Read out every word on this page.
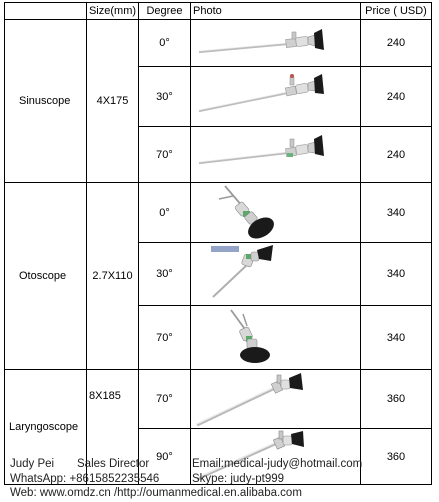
	Size(mm)	Degree	Photo	Price ( USD)
Sinuscope	4X175	0°		240
		30°		240
		70°		240
Otoscope	2.7X110	0°		340
		30°		340
		70°		340
Laryngoscope	8X185	70°		360
		90°		360
Judy Pei Sales Director	Email:medical-judy@hotmail.com
WhatsApp: +8615852235546	Skype: judy-pt999
Web: www.omdz.cn /http://oumanmedical.en.alibaba.com
